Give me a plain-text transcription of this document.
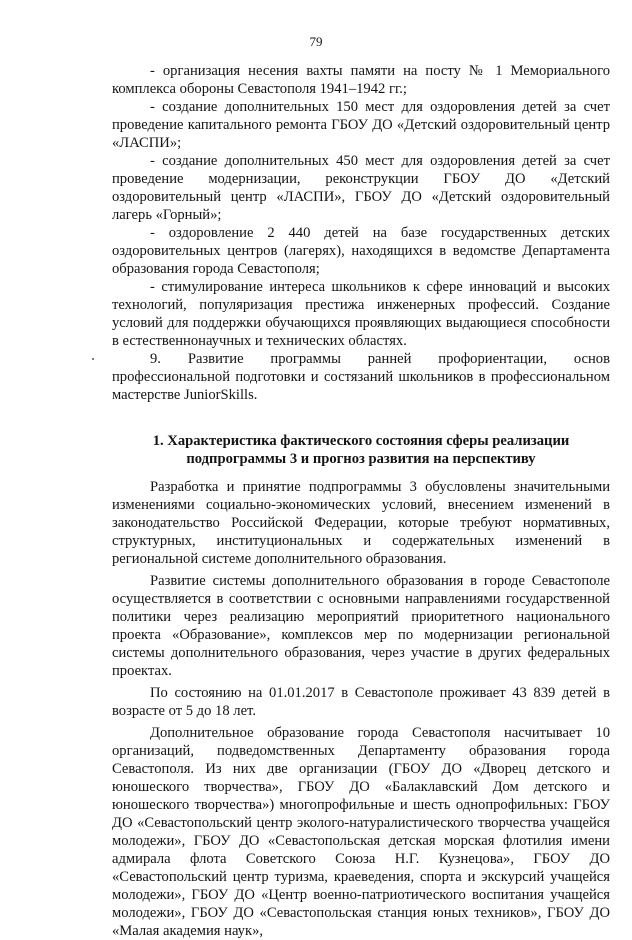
79

- организация несения вахты памяти на посту № 1 Мемориального комплекса обороны Севастополя 1941–1942 гг.;

- создание дополнительных 150 мест для оздоровления детей за счет проведение капитального ремонта ГБОУ ДО «Детский оздоровительный центр «ЛАСПИ»;

- создание дополнительных 450 мест для оздоровления детей за счет проведение модернизации, реконструкции ГБОУ ДО «Детский оздоровительный центр «ЛАСПИ», ГБОУ ДО «Детский оздоровительный лагерь «Горный»;

- оздоровление 2 440 детей на базе государственных детских оздоровительных центров (лагерях), находящихся в ведомстве Департамента образования города Севастополя;

- стимулирование интереса школьников к сфере инноваций и высоких технологий, популяризация престижа инженерных профессий. Создание условий для поддержки обучающихся проявляющих выдающиеся способности в естественнонаучных и технических областях.

9. Развитие программы ранней профориентации, основ профессиональной подготовки и состязаний школьников в профессиональном мастерстве JuniorSkills.

1. Характеристика фактического состояния сферы реализации подпрограммы 3 и прогноз развития на перспективу

Разработка и принятие подпрограммы 3 обусловлены значительными изменениями социально-экономических условий, внесением изменений в законодательство Российской Федерации, которые требуют нормативных, структурных, институциональных и содержательных изменений в региональной системе дополнительного образования.

Развитие системы дополнительного образования в городе Севастополе осуществляется в соответствии с основными направлениями государственной политики через реализацию мероприятий приоритетного национального проекта «Образование», комплексов мер по модернизации региональной системы дополнительного образования, через участие в других федеральных проектах.

По состоянию на 01.01.2017 в Севастополе проживает 43 839 детей в возрасте от 5 до 18 лет.

Дополнительное образование города Севастополя насчитывает 10 организаций, подведомственных Департаменту образования города Севастополя. Из них две организации (ГБОУ ДО «Дворец детского и юношеского творчества», ГБОУ ДО «Балаклавский Дом детского и юношеского творчества») многопрофильные и шесть однопрофильных: ГБОУ ДО «Севастопольский центр эколого-натуралистического творчества учащейся молодежи», ГБОУ ДО «Севастопольская детская морская флотилия имени адмирала флота Советского Союза Н.Г. Кузнецова», ГБОУ ДО «Севастопольский центр туризма, краеведения, спорта и экскурсий учащейся молодежи», ГБОУ ДО «Центр военно-патриотического воспитания учащейся молодежи», ГБОУ ДО «Севастопольская станция юных техников», ГБОУ ДО «Малая академия наук»,
